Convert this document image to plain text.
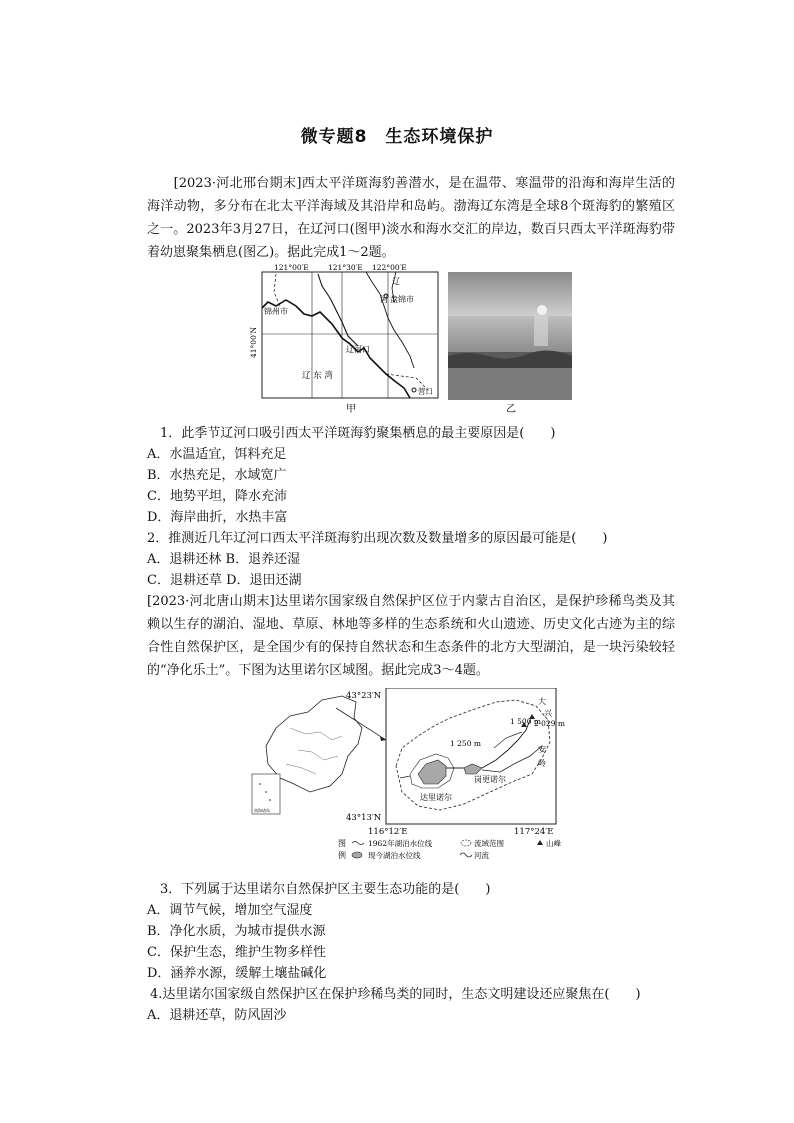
微专题8　生态环境保护
　　[2023·河北邢台期末]西太平洋斑海豹善潜水，是在温带、寒温带的沿海和海岸生活的海洋动物，多分布在北太平洋海域及其沿岸和岛屿。渤海辽东湾是全球8个斑海豹的繁殖区之一。2023年3月27日，在辽河口(图甲)淡水和海水交汇的岸边，数百只西太平洋斑海豹带着幼崽聚集栖息(图乙)。据此完成1～2题。
121°00′E	121°30′E 122°00′E
41°00′N
锦州市
辽
河 盘锦市
辽河口
辽 东 湾
营口
甲	乙
1．此季节辽河口吸引西太平洋斑海豹聚集栖息的最主要原因是(　　)
A．水温适宜，饵料充足
B．水热充足，水域宽广
C．地势平坦，降水充沛
D．海岸曲折，水热丰富
2．推测近几年辽河口西太平洋斑海豹出现次数及数量增多的原因最可能是(　　)
A．退耕还林 B．退养还湿
C．退耕还草 D．退田还湖
[2023·河北唐山期末]达里诺尔国家级自然保护区位于内蒙古自治区，是保护珍稀鸟类及其赖以生存的湖泊、湿地、草原、林地等多样的生态系统和火山遗迹、历史文化古迹为主的综合性自然保护区，是全国少有的保持自然状态和生态条件的北方大型湖泊，是一块污染较轻的“净化乐土”。下图为达里诺尔区域图。据此完成3～4题。
南海诸岛
43°23′N
43°13′N
116°12′E	117°24′E
1 500 m
2 029 m
1 250 m
岗更诺尔
达里诺尔
大
兴
安
岭
图
例
1962年湖泊水位线	流域范围	山峰
现今湖泊水位线	河流
3．下列属于达里诺尔自然保护区主要生态功能的是(　　)
A．调节气候，增加空气湿度
B．净化水质，为城市提供水源
C．保护生态，维护生物多样性
D．涵养水源，缓解土壤盐碱化
4.达里诺尔国家级自然保护区在保护珍稀鸟类的同时，生态文明建设还应聚焦在(　　)
A．退耕还草，防风固沙
